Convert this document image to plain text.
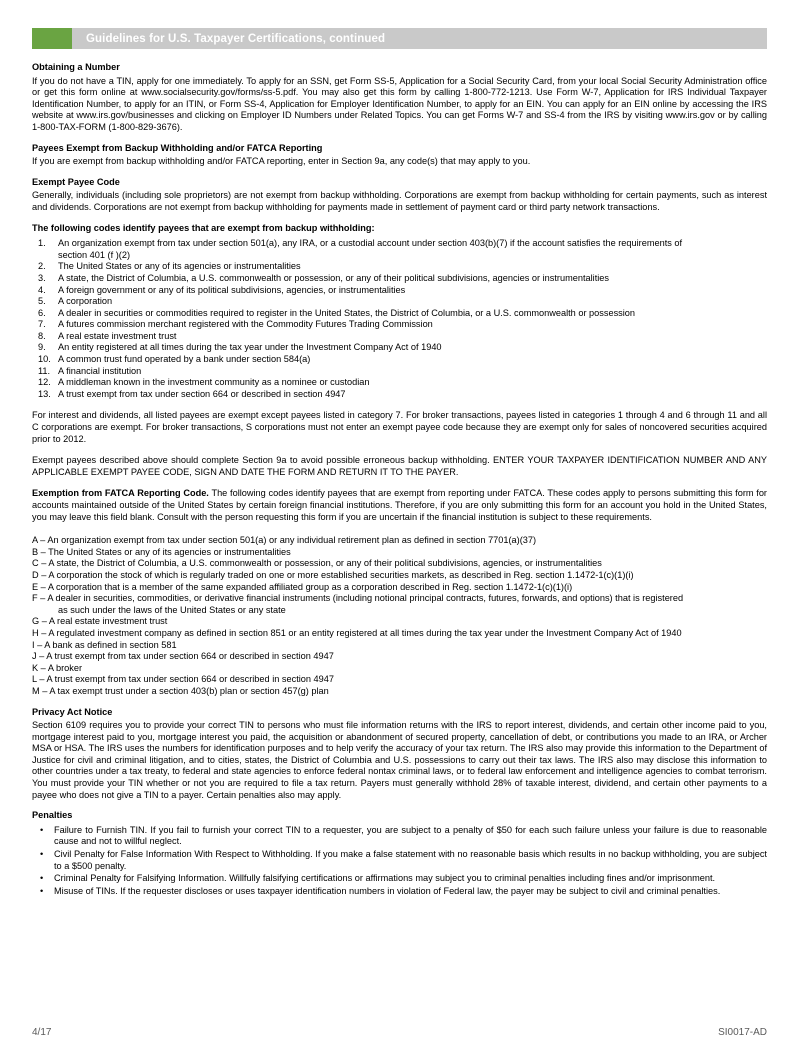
Guidelines for U.S. Taxpayer Certifications, continued
Obtaining a Number

If you do not have a TIN, apply for one immediately. To apply for an SSN, get Form SS-5, Application for a Social Security Card, from your local Social Security Administration office or get this form online at www.socialsecurity.gov/forms/ss-5.pdf. You may also get this form by calling 1-800-772-1213. Use Form W-7, Application for IRS Individual Taxpayer Identification Number, to apply for an ITIN, or Form SS-4, Application for Employer Identification Number, to apply for an EIN. You can apply for an EIN online by accessing the IRS website at www.irs.gov/businesses and clicking on Employer ID Numbers under Related Topics. You can get Forms W-7 and SS-4 from the IRS by visiting www.irs.gov or by calling 1-800-TAX-FORM (1-800-829-3676).

Payees Exempt from Backup Withholding and/or FATCA Reporting

If you are exempt from backup withholding and/or FATCA reporting, enter in Section 9a, any code(s) that may apply to you.

Exempt Payee Code

Generally, individuals (including sole proprietors) are not exempt from backup withholding. Corporations are exempt from backup withholding for certain payments, such as interest and dividends. Corporations are not exempt from backup withholding for payments made in settlement of payment card or third party network transactions.

The following codes identify payees that are exempt from backup withholding:
1.	An organization exempt from tax under section 501(a), any IRA, or a custodial account under section 403(b)(7) if the account satisfies the requirements of
section 401 (f )(2)
2.	The United States or any of its agencies or instrumentalities
3.	A state, the District of Columbia, a U.S. commonwealth or possession, or any of their political subdivisions, agencies or instrumentalities
4.	A foreign government or any of its political subdivisions, agencies, or instrumentalities
5.	A corporation
6.	A dealer in securities or commodities required to register in the United States, the District of Columbia, or a U.S. commonwealth or possession
7.	A futures commission merchant registered with the Commodity Futures Trading Commission
8.	A real estate investment trust
9.	An entity registered at all times during the tax year under the Investment Company Act of 1940
10. A common trust fund operated by a bank under section 584(a)
11. A financial institution
12. A middleman known in the investment community as a nominee or custodian
13. A trust exempt from tax under section 664 or described in section 4947

For interest and dividends, all listed payees are exempt except payees listed in category 7. For broker transactions, payees listed in categories 1 through 4 and 6 through 11 and all C corporations are exempt. For broker transactions, S corporations must not enter an exempt payee code because they are exempt only for sales of noncovered securities acquired prior to 2012.

Exempt payees described above should complete Section 9a to avoid possible erroneous backup withholding. ENTER YOUR TAXPAYER IDENTIFICATION NUMBER AND ANY APPLICABLE EXEMPT PAYEE CODE, SIGN AND DATE THE FORM AND RETURN IT TO THE PAYER.

Exemption from FATCA Reporting Code. The following codes identify payees that are exempt from reporting under FATCA. These codes apply to persons submitting this form for accounts maintained outside of the United States by certain foreign financial institutions. Therefore, if you are only submitting this form for an account you hold in the United States, you may leave this field blank. Consult with the person requesting this form if you are uncertain if the financial institution is subject to these requirements.

A – An organization exempt from tax under section 501(a) or any individual retirement plan as defined in section 7701(a)(37)
B – The United States or any of its agencies or instrumentalities
C – A state, the District of Columbia, a U.S. commonwealth or possession, or any of their political subdivisions, agencies, or instrumentalities
D – A corporation the stock of which is regularly traded on one or more established securities markets, as described in Reg. section 1.1472-1(c)(1)(i)
E – A corporation that is a member of the same expanded affiliated group as a corporation described in Reg. section 1.1472-1(c)(1)(i)
F – A dealer in securities, commodities, or derivative financial instruments (including notional principal contracts, futures, forwards, and options) that is registered
as such under the laws of the United States or any state
G – A real estate investment trust
H – A regulated investment company as defined in section 851 or an entity registered at all times during the tax year under the Investment Company Act of 1940
I – A bank as defined in section 581
J – A trust exempt from tax under section 664 or described in section 4947
K – A broker
L – A trust exempt from tax under section 664 or described in section 4947
M – A tax exempt trust under a section 403(b) plan or section 457(g) plan
Privacy Act Notice

Section 6109 requires you to provide your correct TIN to persons who must file information returns with the IRS to report interest, dividends, and certain other income paid to you, mortgage interest paid to you, mortgage interest you paid, the acquisition or abandonment of secured property, cancellation of debt, or contributions you made to an IRA, or Archer MSA or HSA. The IRS uses the numbers for identification purposes and to help verify the accuracy of your tax return. The IRS also may provide this information to the Department of Justice for civil and criminal litigation, and to cities, states, the District of Columbia and U.S. possessions to carry out their tax laws. The IRS also may disclose this information to other countries under a tax treaty, to federal and state agencies to enforce federal nontax criminal laws, or to federal law enforcement and intelligence agencies to combat terrorism. You must provide your TIN whether or not you are required to file a tax return. Payers must generally withhold 28% of taxable interest, dividend, and certain other payments to a payee who does not give a TIN to a payer. Certain penalties also may apply.

Penalties
•	Failure to Furnish TIN. If you fail to furnish your correct TIN to a requester, you are subject to a penalty of $50 for each such failure unless your failure is due to reasonable cause and not to willful neglect.
•	Civil Penalty for False Information With Respect to Withholding. If you make a false statement with no reasonable basis which results in no backup withholding, you are subject to a $500 penalty.
•	Criminal Penalty for Falsifying Information. Willfully falsifying certifications or affirmations may subject you to criminal penalties including fines and/or imprisonment.
•	Misuse of TINs. If the requester discloses or uses taxpayer identification numbers in violation of Federal law, the payer may be subject to civil and criminal penalties.
4/17	SI0017-AD
